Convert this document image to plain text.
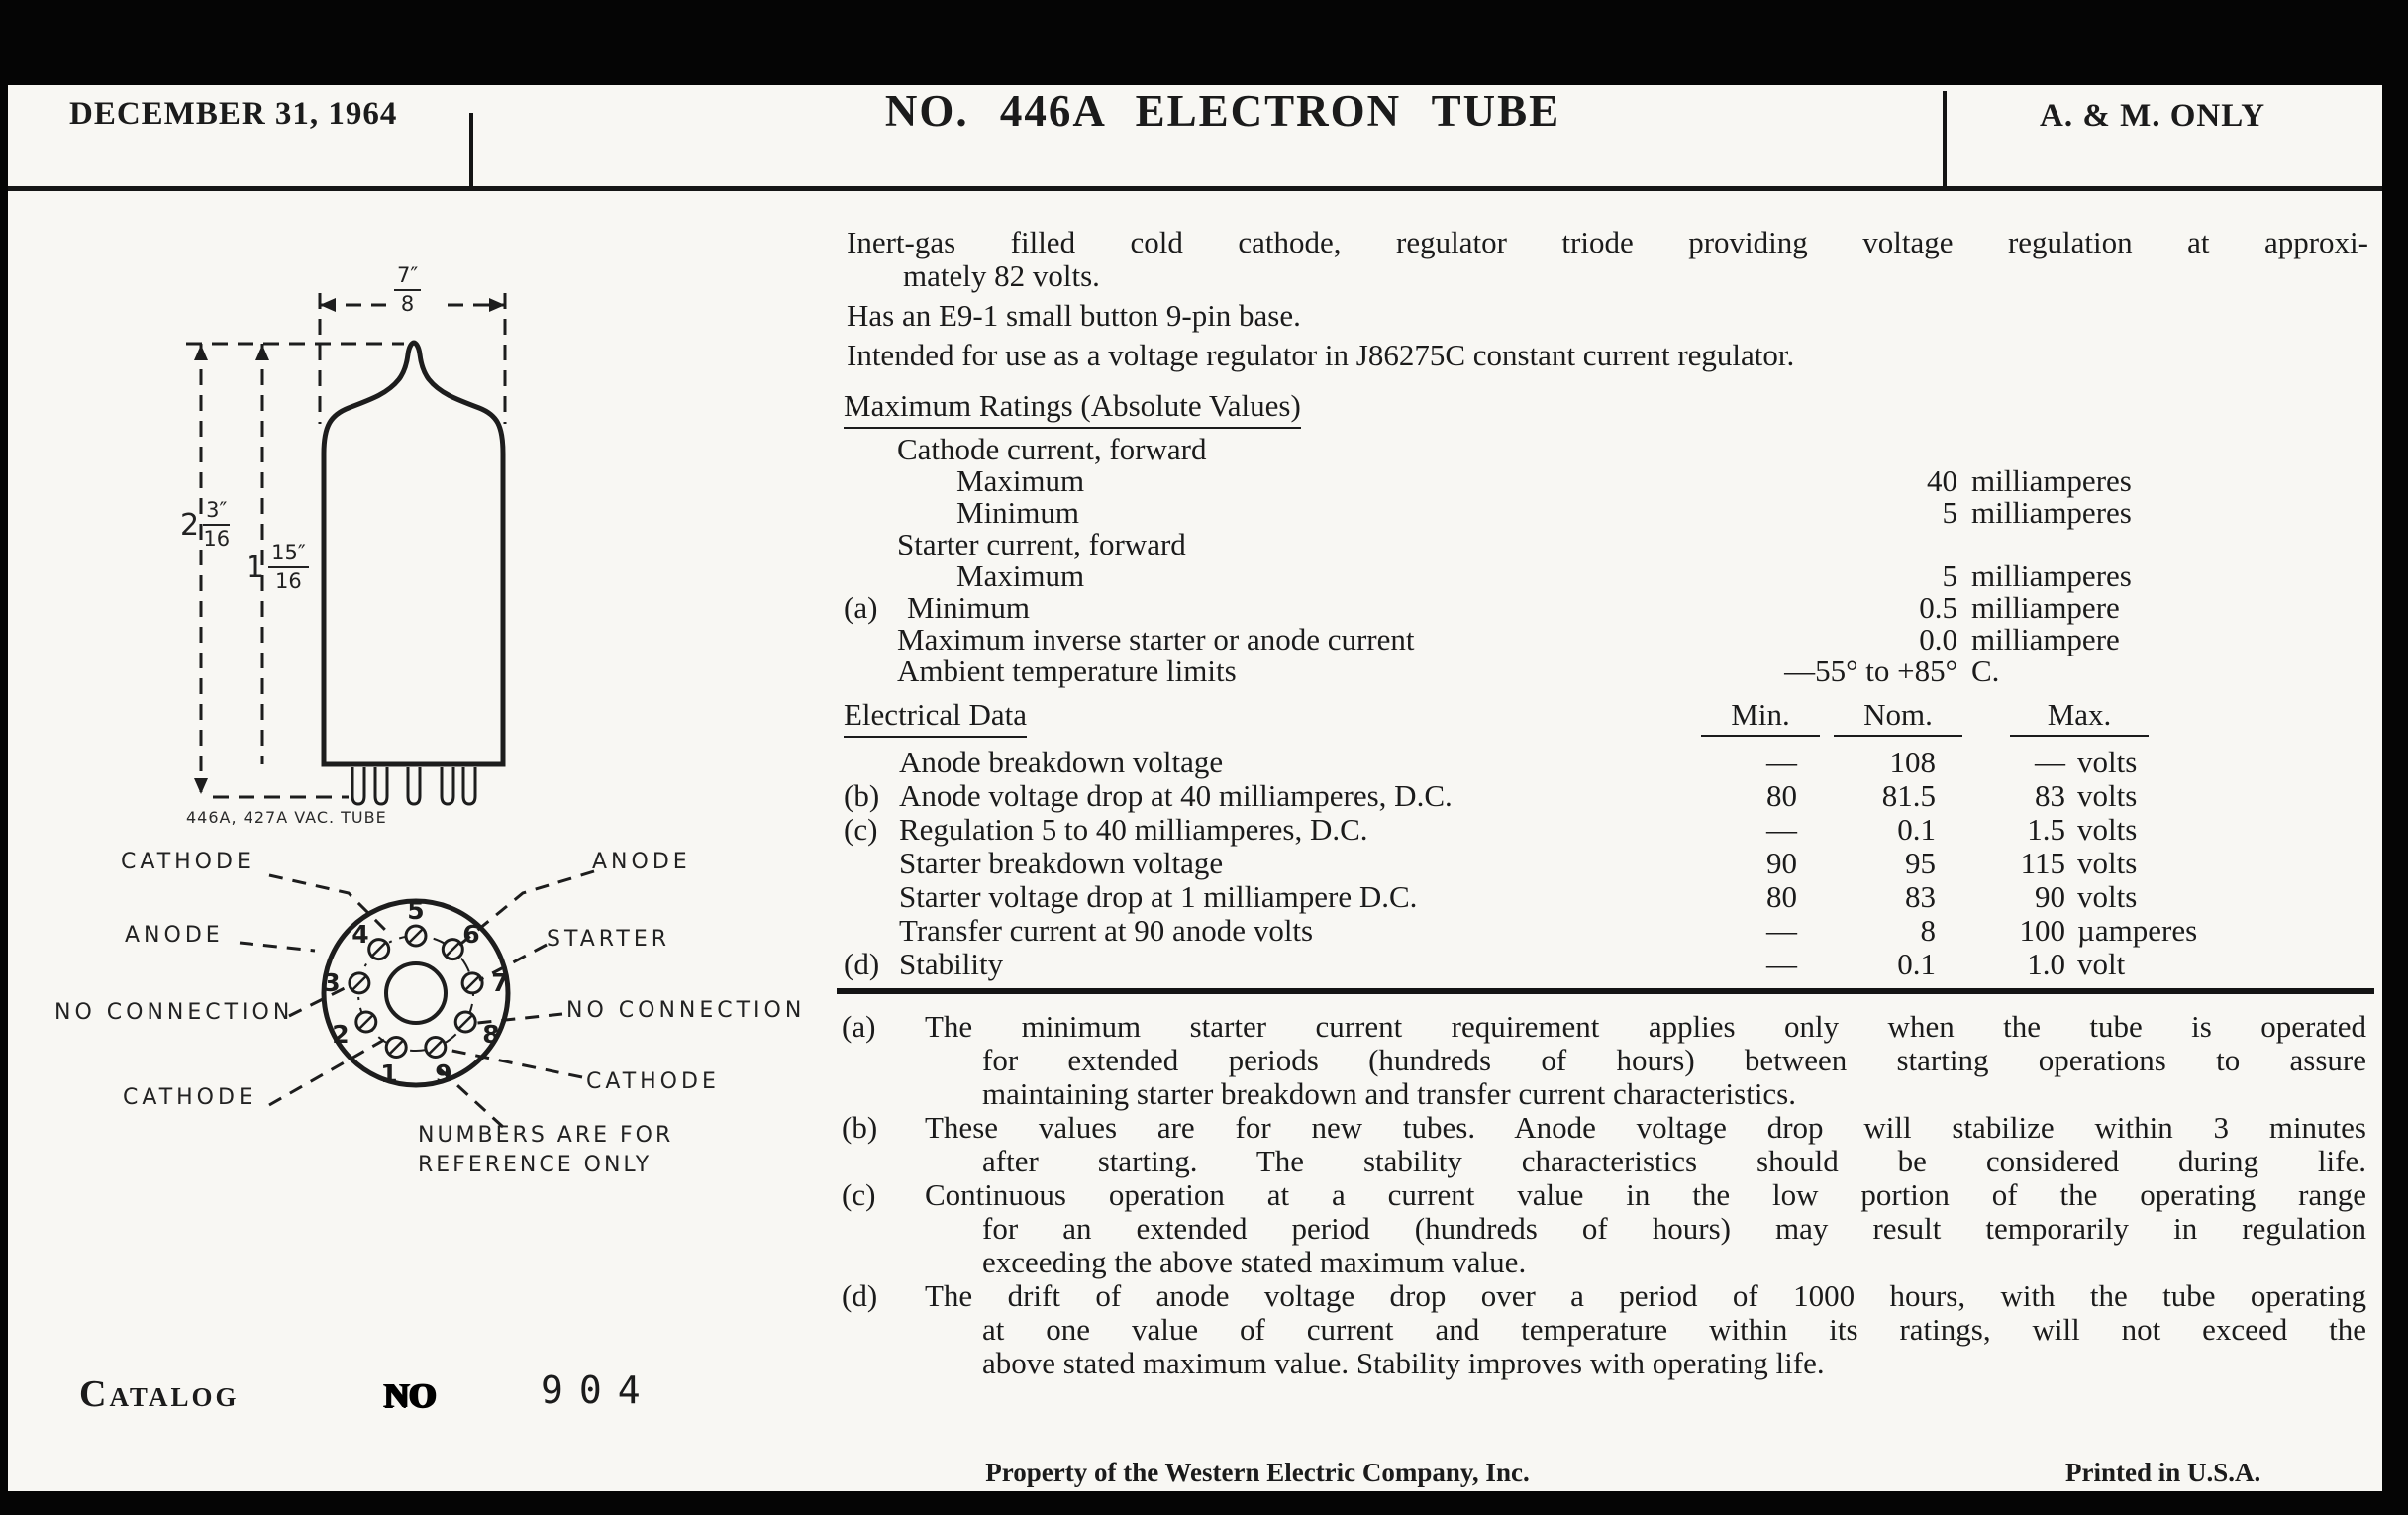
DECEMBER 31, 1964	NO. 446A ELECTRON TUBE	A. & M. ONLY
1
2
3
4
5
6
7
8
9
$\frac{7''}{8}$
$2 \frac{3''}{16}$
$1 \frac{15''}{16}$
446A, 427A VAC. TUBE
CATHODE
ANODE
NO CONNECTION
CATHODE
ANODE
STARTER
NO CONNECTION
CATHODE
NUMBERS ARE FOR
REFERENCE ONLY
Inert-gas filled cold cathode, regulator triode providing voltage regulation at approxi-
mately 82 volts.
Has an E9-1 small button 9-pin base.
Intended for use as a voltage regulator in J86275C constant current regulator.
Maximum Ratings (Absolute Values)
Cathode current, forward
Maximum	40 milliamperes
Minimum	5 milliamperes
Starter current, forward
Maximum	5 milliamperes
(a) Minimum	0.5 milliampere
Maximum inverse starter or anode current	0.0 milliampere
Ambient temperature limits	—55° to +85° C.
Electrical Data	Min.	Nom.	Max.
Anode breakdown voltage	—	108	— volts
(b) Anode voltage drop at 40 milliamperes, D.C.	80	81.5	83 volts
(c) Regulation 5 to 40 milliamperes, D.C.	—	0.1	1.5 volts
Starter breakdown voltage	90	95	115 volts
Starter voltage drop at 1 milliampere D.C.	80	83	90 volts
Transfer current at 90 anode volts	—	8	100 µamperes
(d) Stability	—	0.1	1.0 volt
(a) The minimum starter current requirement applies only when the tube is operated
for extended periods (hundreds of hours) between starting operations to assure
maintaining starter breakdown and transfer current characteristics.
(b) These values are for new tubes. Anode voltage drop will stabilize within 3 minutes
after starting. The stability characteristics should be considered during life.
(c) Continuous operation at a current value in the low portion of the operating range
for an extended period (hundreds of hours) may result temporarily in regulation
exceeding the above stated maximum value.
(d) The drift of anode voltage drop over a period of 1000 hours, with the tube operating
at one value of current and temperature within its ratings, will not exceed the
above stated maximum value. Stability improves with operating life.
Catalog	NO	904
Property of the Western Electric Company, Inc.	Printed in U.S.A.
